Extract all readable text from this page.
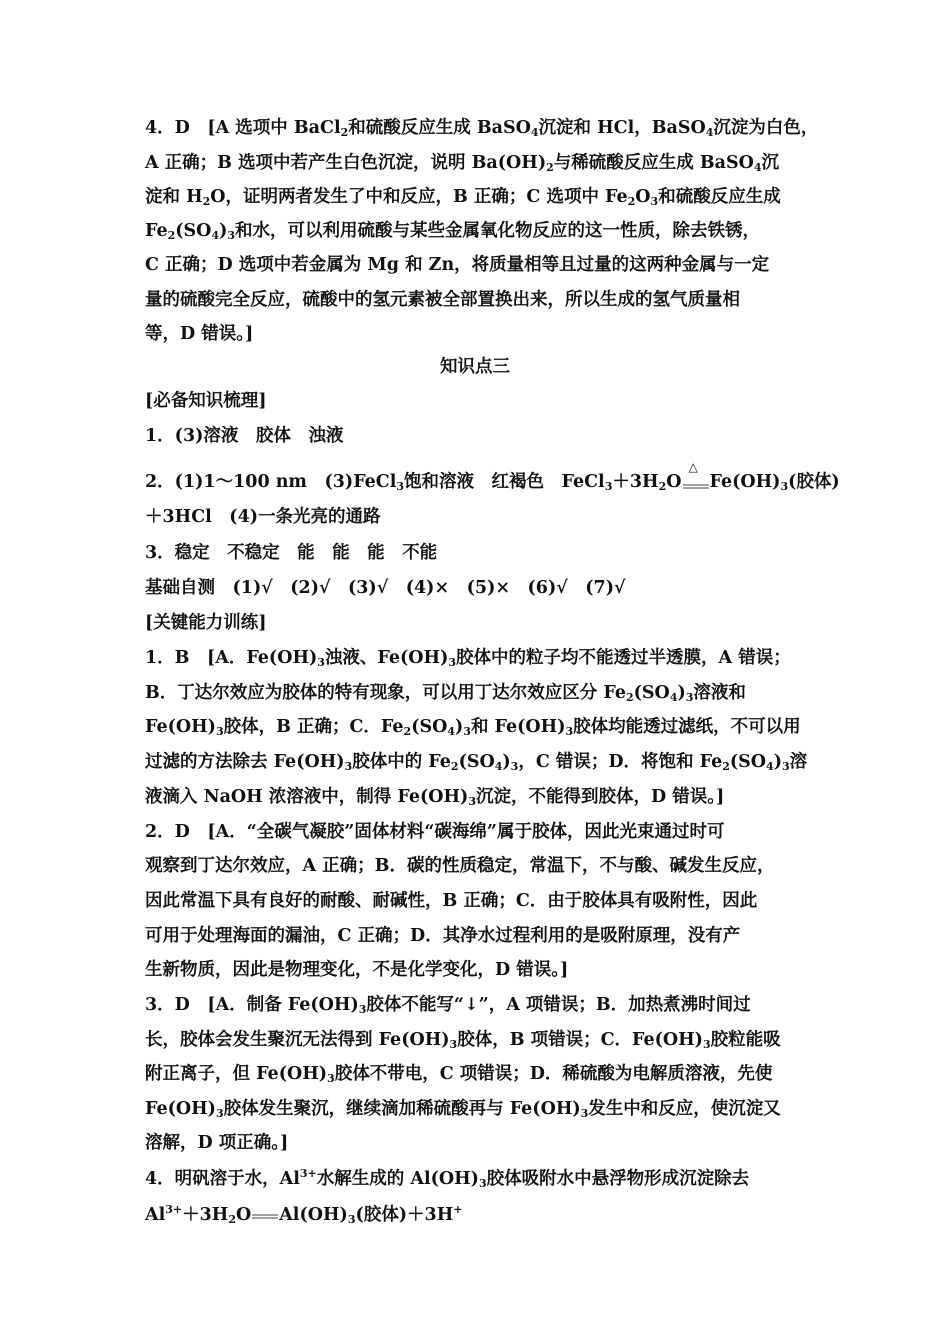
4．D　[A 选项中 BaCl$_2$和硫酸反应生成 BaSO$_4$沉淀和 HCl，BaSO$_4$沉淀为白色，

A 正确；B 选项中若产生白色沉淀，说明 $Ba(OH)_2$与稀硫酸反应生成 BaSO$_4$沉

淀和 $H_2O$，证明两者发生了中和反应，B 正确；C 选项中 $Fe_2O_3$和硫酸反应生成

$Fe_2(SO_4)_3$和水，可以利用硫酸与某些金属氧化物反应的这一性质，除去铁锈，

C 正确；D 选项中若金属为 Mg 和 Zn，将质量相等且过量的这两种金属与一定

量的硫酸完全反应，硫酸中的氢元素被全部置换出来，所以生成的氢气质量相

等，D 错误。]

知识点三

[必备知识梳理]

1．(3)溶液　胶体　浊液

2．(1)1～100 nm　(3)FeCl$_3$饱和溶液　红褐色　$FeCl_3+3H_2O$
△
$Fe(OH)_3$(胶体)

＋3HCl　(4)一条光亮的通路

3．稳定　不稳定　能　能　能　不能

基础自测　 (1)√　(2)√　(3)√　(4)×　(5)×　(6)√　(7)√

[关键能力训练]

1．B　[A．$Fe(OH)_3$浊液、$Fe(OH)_3$胶体中的粒子均不能透过半透膜，A 错误；

B．丁达尔效应为胶体的特有现象，可以用丁达尔效应区分 $Fe_2(SO_4)_3$溶液和

$Fe(OH)_3$胶体，B 正确；C．$Fe_2(SO_4)_3$和 $Fe(OH)_3$胶体均能透过滤纸，不可以用

过滤的方法除去 $Fe(OH)_3$胶体中的 $Fe_2(SO_4)_3$，C 错误；D．将饱和 $Fe_2(SO_4)_3$溶

液滴入 NaOH 浓溶液中，制得 $Fe(OH)_3$沉淀，不能得到胶体，D 错误。]

2．D　[A．“全碳气凝胶”固体材料“碳海绵”属于胶体，因此光束通过时可

观察到丁达尔效应，A 正确；B．碳的性质稳定，常温下，不与酸、碱发生反应，

因此常温下具有良好的耐酸、耐碱性，B 正确；C．由于胶体具有吸附性，因此

可用于处理海面的漏油，C 正确；D．其净水过程利用的是吸附原理，没有产

生新物质，因此是物理变化，不是化学变化，D 错误。]

3．D　[A．制备 $Fe(OH)_3$胶体不能写“↓”，A 项错误；B．加热煮沸时间过

长，胶体会发生聚沉无法得到 $Fe(OH)_3$胶体，B 项错误；C．$Fe(OH)_3$胶粒能吸

附正离子，但 $Fe(OH)_3$胶体不带电，C 项错误；D．稀硫酸为电解质溶液，先使

$Fe(OH)_3$胶体发生聚沉，继续滴加稀硫酸再与 $Fe(OH)_3$发生中和反应，使沉淀又

溶解，D 项正确。]

4．明矾溶于水，$Al^{3+}$水解生成的 $Al(OH)_3$胶体吸附水中悬浮物形成沉淀除去

$Al^{3+}+3H_2O$ $Al(OH)_3$(胶体)＋3H+
